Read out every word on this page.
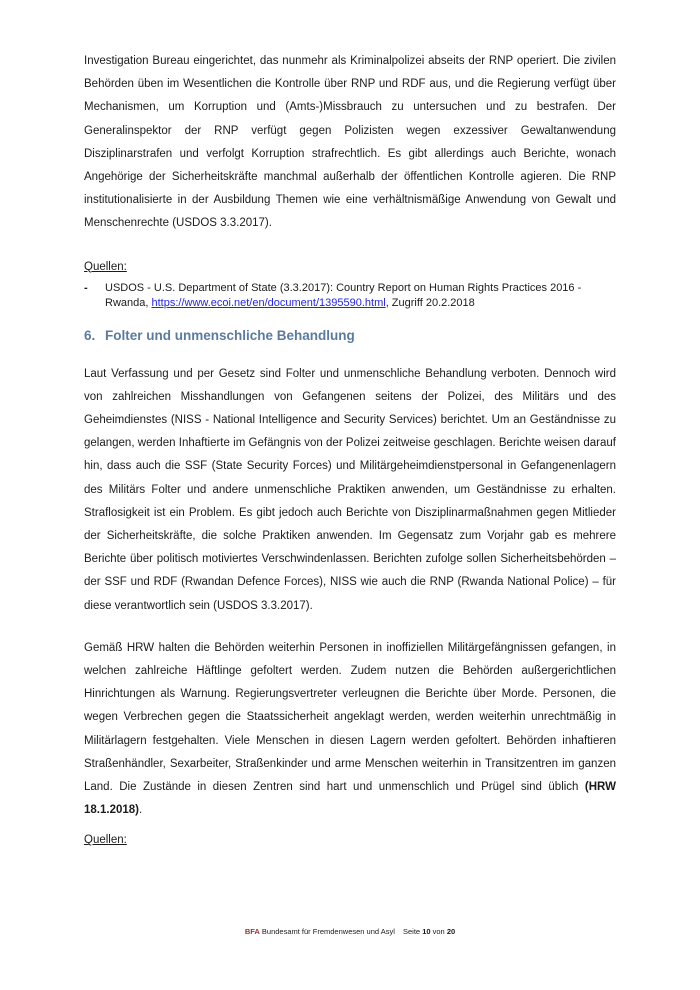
Investigation Bureau eingerichtet, das nunmehr als Kriminalpolizei abseits der RNP operiert. Die zivilen Behörden üben im Wesentlichen die Kontrolle über RNP und RDF aus, und die Regierung verfügt über Mechanismen, um Korruption und (Amts-)Missbrauch zu untersuchen und zu bestrafen. Der Generalinspektor der RNP verfügt gegen Polizisten wegen exzessiver Gewaltanwendung Disziplinarstrafen und verfolgt Korruption strafrechtlich. Es gibt allerdings auch Berichte, wonach Angehörige der Sicherheitskräfte manchmal außerhalb der öffentlichen Kontrolle agieren. Die RNP institutionalisierte in der Ausbildung Themen wie eine verhältnismäßige Anwendung von Gewalt und Menschenrechte (USDOS 3.3.2017).

Quellen:

-	USDOS - U.S. Department of State (3.3.2017): Country Report on Human Rights Practices 2016 - Rwanda, https://www.ecoi.net/en/document/1395590.html, Zugriff 20.2.2018
6. Folter und unmenschliche Behandlung

Laut Verfassung und per Gesetz sind Folter und unmenschliche Behandlung verboten. Dennoch wird von zahlreichen Misshandlungen von Gefangenen seitens der Polizei, des Militärs und des Geheimdienstes (NISS - National Intelligence and Security Services) berichtet. Um an Geständnisse zu gelangen, werden Inhaftierte im Gefängnis von der Polizei zeitweise geschlagen. Berichte weisen darauf hin, dass auch die SSF (State Security Forces) und Militärgeheimdienstpersonal in Gefangenenlagern des Militärs Folter und andere unmenschliche Praktiken anwenden, um Geständnisse zu erhalten. Straflosigkeit ist ein Problem. Es gibt jedoch auch Berichte von Disziplinarmaßnahmen gegen Mitlieder der Sicherheitskräfte, die solche Praktiken anwenden. Im Gegensatz zum Vorjahr gab es mehrere Berichte über politisch motiviertes Verschwindenlassen. Berichten zufolge sollen Sicherheitsbehörden – der SSF und RDF (Rwandan Defence Forces), NISS wie auch die RNP (Rwanda National Police) – für diese verantwortlich sein (USDOS 3.3.2017).

Gemäß HRW halten die Behörden weiterhin Personen in inoffiziellen Militärgefängnissen gefangen, in welchen zahlreiche Häftlinge gefoltert werden. Zudem nutzen die Behörden außergerichtlichen Hinrichtungen als Warnung. Regierungsvertreter verleugnen die Berichte über Morde. Personen, die wegen Verbrechen gegen die Staatssicherheit angeklagt werden, werden weiterhin unrechtmäßig in Militärlagern festgehalten. Viele Menschen in diesen Lagern werden gefoltert. Behörden inhaftieren Straßenhändler, Sexarbeiter, Straßenkinder und arme Menschen weiterhin in Transitzentren im ganzen Land. Die Zustände in diesen Zentren sind hart und unmenschlich und Prügel sind üblich (HRW 18.1.2018).

Quellen:

BFA Bundesamt für Fremdenwesen und Asyl Seite 10 von 20
